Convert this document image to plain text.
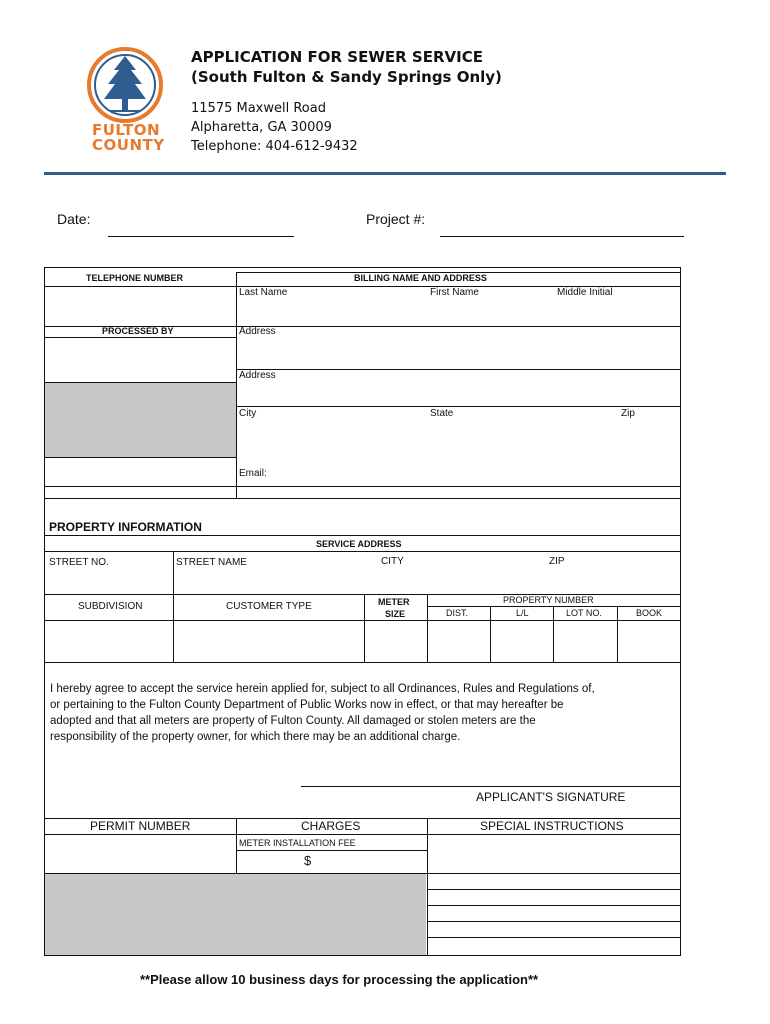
FULTON
COUNTY
APPLICATION FOR SEWER SERVICE
(South Fulton & Sandy Springs Only)
11575 Maxwell Road
Alpharetta, GA 30009
Telephone: 404-612-9432
Date:	Project #:
TELEPHONE NUMBER	BILLING NAME AND ADDRESS
Last Name	First Name	Middle Initial
PROCESSED BY	Address
Address
City	State	Zip
Email:
PROPERTY INFORMATION
SERVICE ADDRESS
STREET NO.	STREET NAME	CITY	ZIP
SUBDIVISION	CUSTOMER TYPE	METER
SIZE
PROPERTY NUMBER
DIST.	L/L	LOT NO.	BOOK
I hereby agree to accept the service herein applied for, subject to all Ordinances, Rules and Regulations of,
or pertaining to the Fulton County Department of Public Works now in effect, or that may hereafter be
adopted and that all meters are property of Fulton County. All damaged or stolen meters are the
responsibility of the property owner, for which there may be an additional charge.
APPLICANT'S SIGNATURE
PERMIT NUMBER	CHARGES	SPECIAL INSTRUCTIONS
METER INSTALLATION FEE
$
**Please allow 10 business days for processing the application**
